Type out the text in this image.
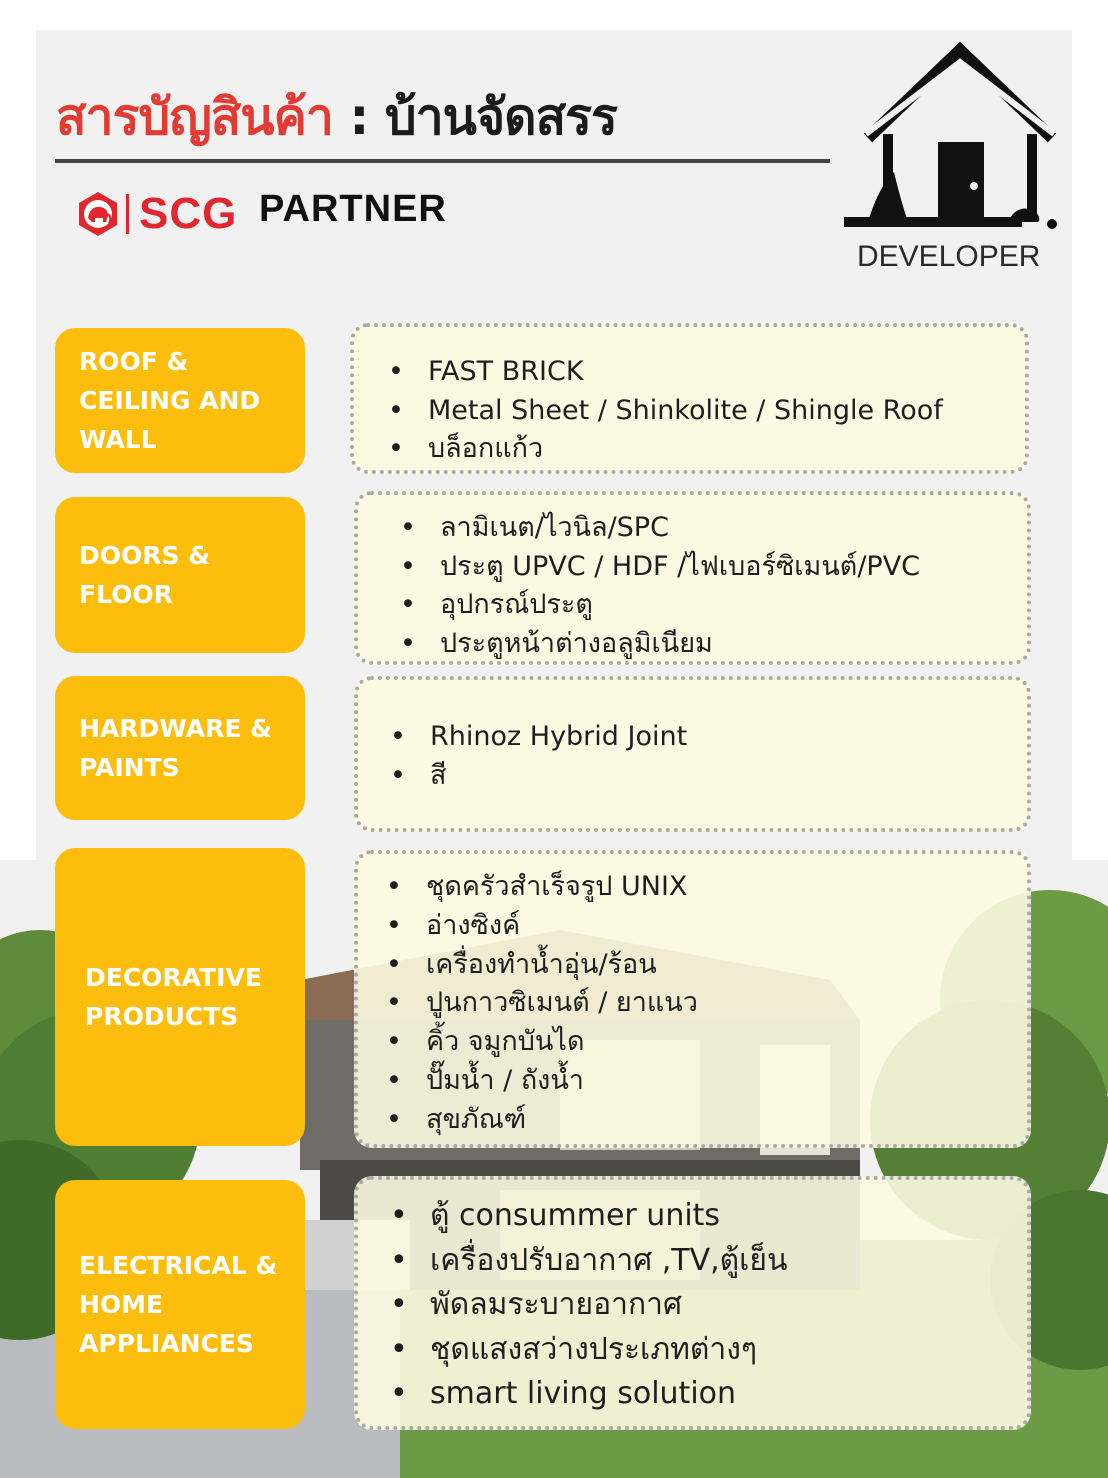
สารบัญสินค้า : บ้านจัดสรร
SCG PARTNER
DEVELOPER
ROOF &
CEILING AND
WALL
• FAST BRICK
• Metal Sheet / Shinkolite / Shingle Roof
• บล็อกแก้ว
DOORS &
FLOOR
• ลามิเนต/ไวนิล/SPC
• ประตู UPVC / HDF /ไฟเบอร์ซิเมนต์/PVC
• อุปกรณ์ประตู
• ประตูหน้าต่างอลูมิเนียม
HARDWARE &
PAINTS
• Rhinoz Hybrid Joint
• สี
DECORATIVE
PRODUCTS
• ชุดครัวสำเร็จรูป UNIX
• อ่างซิงค์
• เครื่องทำน้ำอุ่น/ร้อน
• ปูนกาวซิเมนต์ / ยาแนว
• คิ้ว จมูกบันได
• ปั๊มน้ำ / ถังน้ำ
• สุขภัณฑ์
ELECTRICAL &
HOME
APPLIANCES
• ตู้ consummer units
• เครื่องปรับอากาศ ,TV,ตู้เย็น
• พัดลมระบายอากาศ
• ชุดแสงสว่างประเภทต่างๆ
• smart living solution
